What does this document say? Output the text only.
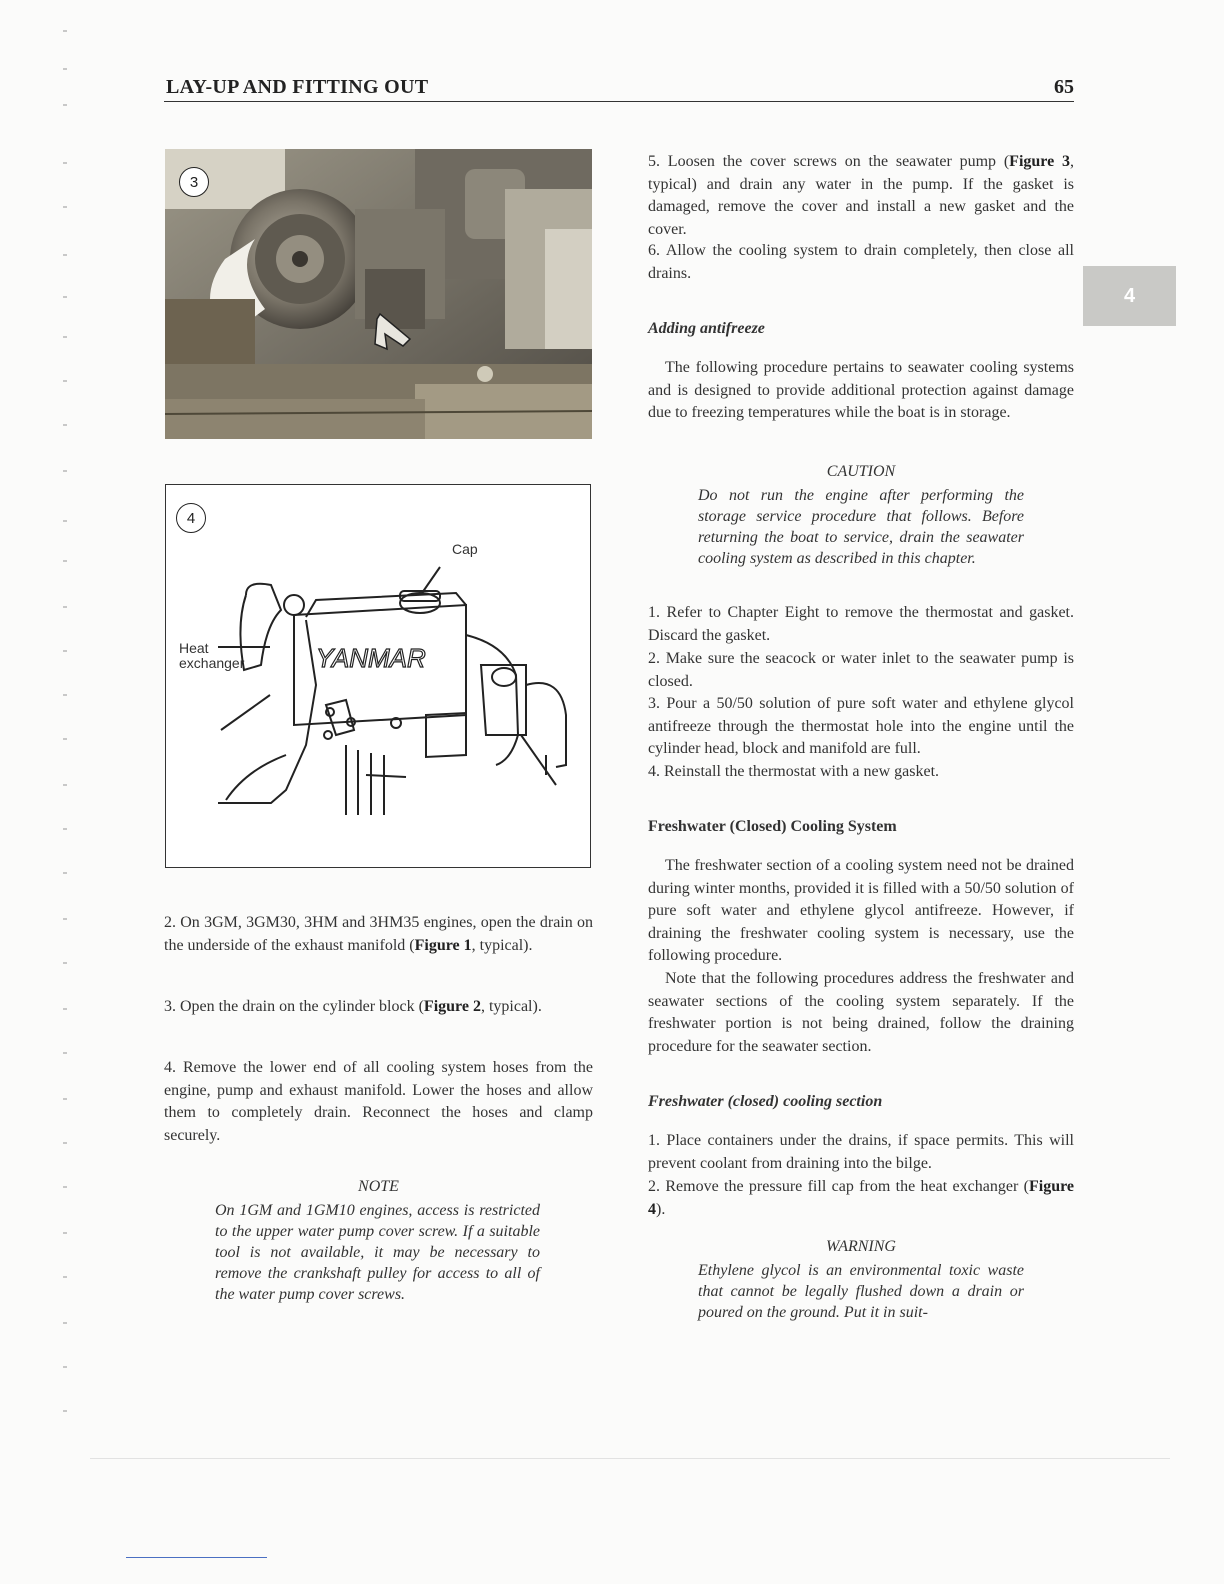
LAY-UP AND FITTING OUT	65
4
3
4
Cap
Heat
exchanger	YANMAR

2. On 3GM, 3GM30, 3HM and 3HM35 engines, open the drain on the underside of the exhaust manifold (Figure 1, typical).

3. Open the drain on the cylinder block (Figure 2, typical).

4. Remove the lower end of all cooling system hoses from the engine, pump and exhaust manifold. Lower the hoses and allow them to completely drain. Reconnect the hoses and clamp securely.

NOTE

On 1GM and 1GM10 engines, access is restricted to the upper water pump cover screw. If a suitable tool is not available, it may be necessary to remove the crankshaft pulley for access to all of the water pump cover screws.

5. Loosen the cover screws on the seawater pump (Figure 3, typical) and drain any water in the pump. If the gasket is damaged, remove the cover and install a new gasket and the cover.

6. Allow the cooling system to drain completely, then close all drains.

Adding antifreeze

The following procedure pertains to seawater cooling systems and is designed to provide additional protection against damage due to freezing temperatures while the boat is in storage.

CAUTION

Do not run the engine after performing the storage service procedure that follows. Before returning the boat to service, drain the seawater cooling system as described in this chapter.

1. Refer to Chapter Eight to remove the thermostat and gasket. Discard the gasket.

2. Make sure the seacock or water inlet to the seawater pump is closed.

3. Pour a 50/50 solution of pure soft water and ethylene glycol antifreeze through the thermostat hole into the engine until the cylinder head, block and manifold are full.

4. Reinstall the thermostat with a new gasket.

Freshwater (Closed) Cooling System

The freshwater section of a cooling system need not be drained during winter months, provided it is filled with a 50/50 solution of pure soft water and ethylene glycol antifreeze. However, if draining the freshwater cooling system is necessary, use the following procedure.

Note that the following procedures address the freshwater and seawater sections of the cooling system separately. If the freshwater portion is not being drained, follow the draining procedure for the seawater section.

Freshwater (closed) cooling section

1. Place containers under the drains, if space permits. This will prevent coolant from draining into the bilge.

2. Remove the pressure fill cap from the heat exchanger (Figure 4).

WARNING

Ethylene glycol is an environmental toxic waste that cannot be legally flushed down a drain or poured on the ground. Put it in suit-
